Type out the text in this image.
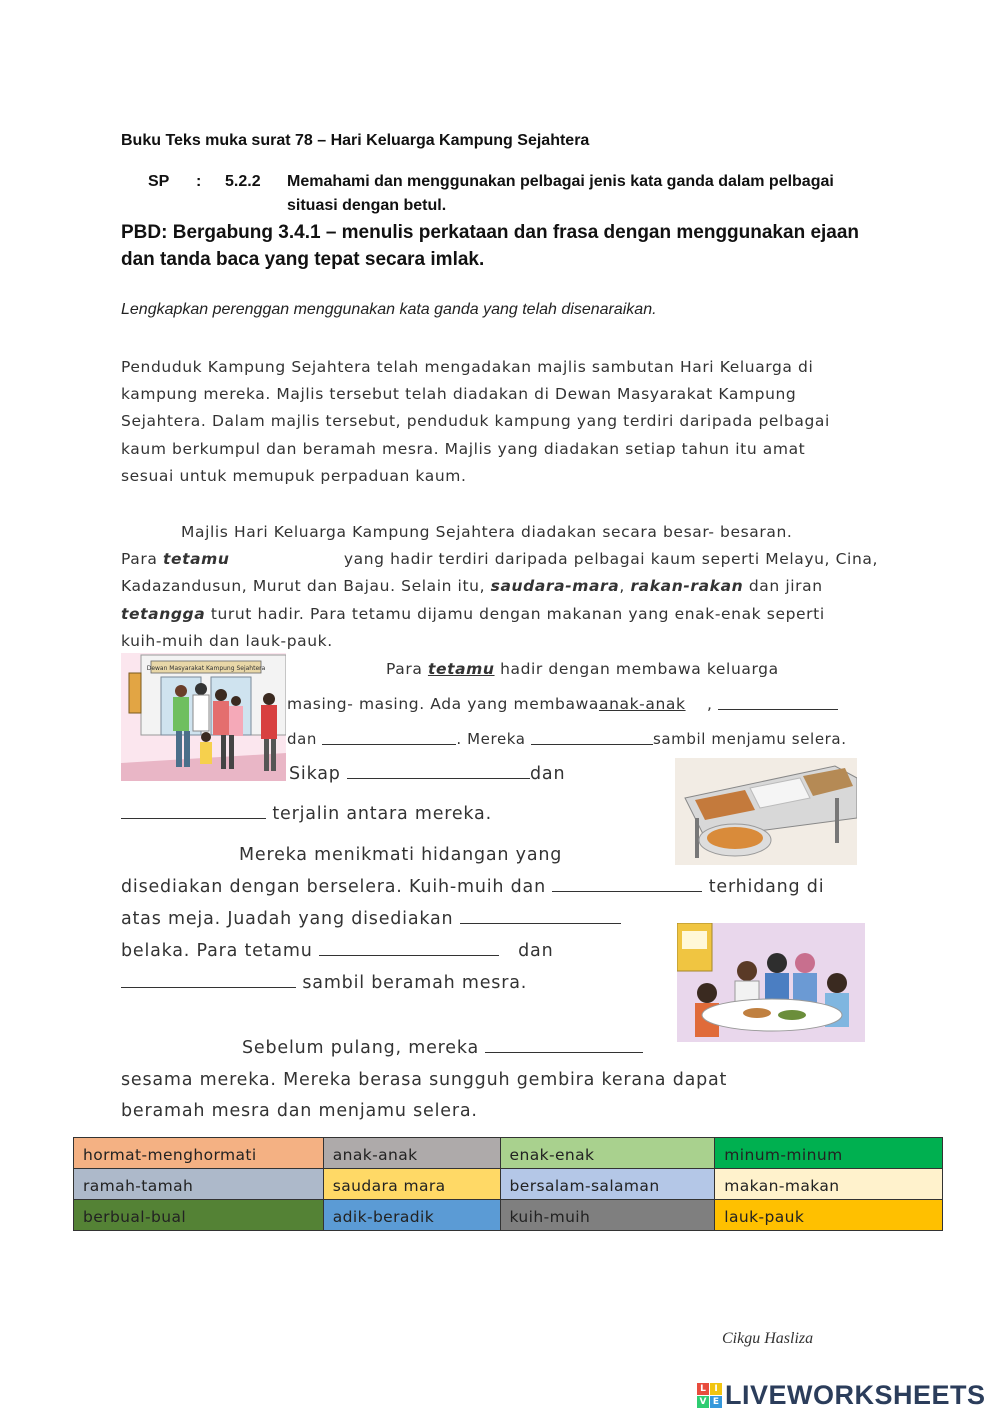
Buku Teks muka surat 78 – Hari Keluarga Kampung Sejahtera
SP : 5.2.2 Memahami dan menggunakan pelbagai jenis kata ganda dalam pelbagai
situasi dengan betul.
PBD: Bergabung 3.4.1 – menulis perkataan dan frasa dengan menggunakan ejaan
dan tanda baca yang tepat secara imlak.
Lengkapkan perenggan menggunakan kata ganda yang telah disenaraikan.
Penduduk Kampung Sejahtera telah mengadakan majlis sambutan Hari Keluarga di
kampung mereka. Majlis tersebut telah diadakan di Dewan Masyarakat Kampung
Sejahtera. Dalam majlis tersebut, penduduk kampung yang terdiri daripada pelbagai
kaum berkumpul dan beramah mesra. Majlis yang diadakan setiap tahun itu amat
sesuai untuk memupuk perpaduan kaum.
Majlis Hari Keluarga Kampung Sejahtera diadakan secara besar- besaran.
Para tetamu	yang hadir terdiri daripada pelbagai kaum seperti Melayu, Cina,
Kadazandusun, Murut dan Bajau. Selain itu, saudara-mara, rakan-rakan dan jiran
tetangga turut hadir. Para tetamu dijamu dengan makanan yang enak-enak seperti
kuih-muih dan lauk-pauk.
Dewan Masyarakat Kampung Sejahtera	Para tetamu hadir dengan membawa keluarga
masing- masing. Ada yang membawaanak-anak ,
dan	. Mereka	sambil menjamu selera.
Sikap	dan
terjalin antara mereka.
Mereka menikmati hidangan yang
disediakan dengan berselera. Kuih-muih dan	terhidang di
atas meja. Juadah yang disediakan
belaka. Para tetamu	dan
sambil beramah mesra.
Sebelum pulang, mereka
sesama mereka. Mereka berasa sungguh gembira kerana dapat
beramah mesra dan menjamu selera.
hormat-menghormati	anak-anak	enak-enak	minum-minum
ramah-tamah	saudara mara	bersalam-salaman	makan-makan
berbual-bual	adik-beradik	kuih-muih	lauk-pauk
Cikgu Hasliza
L I
V E LIVEWORKSHEETS
